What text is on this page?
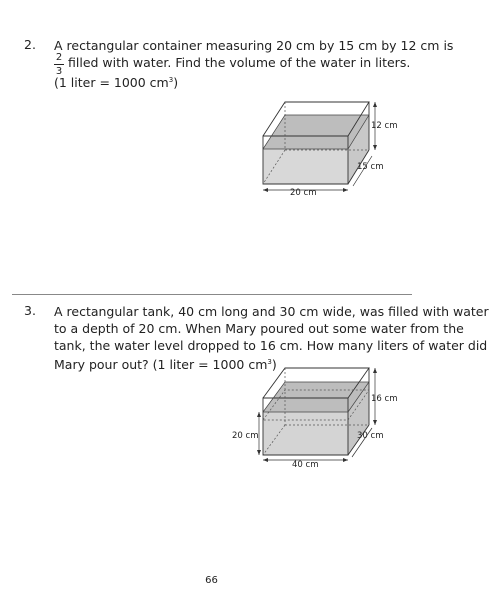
2. A rectangular container measuring 20 cm by 15 cm by 12 cm is
2
3
filled with water. Find the volume of the water in liters.
(1 liter = 1000 $cm^3$)
12 cm
15 cm
20 cm
3. A rectangular tank, 40 cm long and 30 cm wide, was filled with water
to a depth of 20 cm. When Mary poured out some water from the
tank, the water level dropped to 16 cm. How many liters of water did
Mary pour out? (1 liter = 1000 $cm^3$)
16 cm
20 cm	30 cm
40 cm
66
